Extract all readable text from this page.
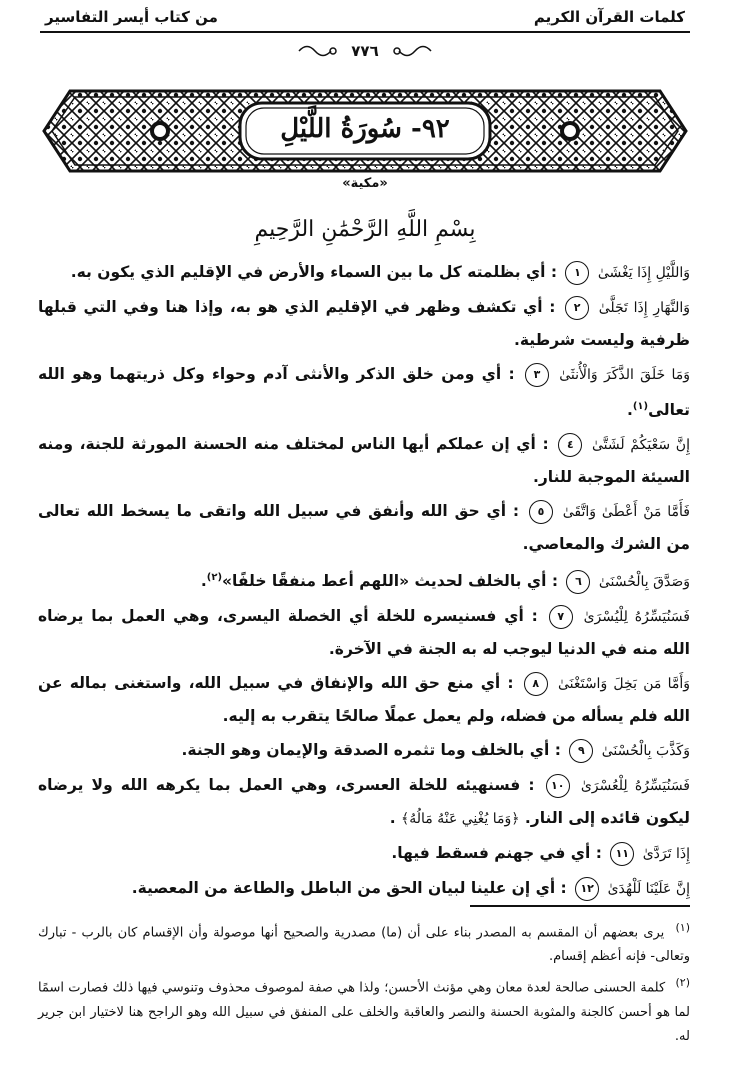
كلمات القرآن الكريم
من كتاب أيسر التفاسير
٧٧٦
٩٢- سُورَةُ اللَّيْلِ
«مكية»
بِسْمِ اللَّهِ الرَّحْمَٰنِ الرَّحِيمِ
وَاللَّيْلِ إِذَا يَغْشَىٰ ١ : أي بظلمته كل ما بين السماء والأرض في الإقليم الذي يكون به.
وَالنَّهَارِ إِذَا تَجَلَّىٰ ٢ : أي تكشف وظهر في الإقليم الذي هو به، وإذا هنا وفي التي قبلها ظرفية وليست شرطية.
وَمَا خَلَقَ الذَّكَرَ وَالْأُنثَىٰ ٣ : أي ومن خلق الذكر والأنثى آدم وحواء وكل ذريتهما وهو الله تعالى$^{(١)}$.
إِنَّ سَعْيَكُمْ لَشَتَّىٰ ٤ : أي إن عملكم أيها الناس لمختلف منه الحسنة المورثة للجنة، ومنه السيئة الموجبة للنار.
فَأَمَّا مَنْ أَعْطَىٰ وَاتَّقَىٰ ٥ : أي حق الله وأنفق في سبيل الله واتقى ما يسخط الله تعالى من الشرك والمعاصي.
وَصَدَّقَ بِالْحُسْنَىٰ ٦ : أي بالخلف لحديث «اللهم أعط منفقًا خلفًا»$^{(٢)}$.
فَسَنُيَسِّرُهُ لِلْيُسْرَىٰ ٧ : أي فسنيسره للخلة أي الخصلة اليسرى، وهي العمل بما يرضاه الله منه في الدنيا ليوجب له به الجنة في الآخرة.
وَأَمَّا مَن بَخِلَ وَاسْتَغْنَىٰ ٨ : أي منع حق الله والإنفاق في سبيل الله، واستغنى بماله عن الله فلم يسأله من فضله، ولم يعمل عملًا صالحًا يتقرب به إليه.
وَكَذَّبَ بِالْحُسْنَىٰ ٩ : أي بالخلف وما تثمره الصدقة والإيمان وهو الجنة.
فَسَنُيَسِّرُهُ لِلْعُسْرَىٰ ١٠ : فسنهيئه للخلة العسرى، وهي العمل بما يكرهه الله ولا يرضاه ليكون قائده إلى النار. ﴿وَمَا يُغْنِي عَنْهُ مَالُهُ﴾ .
إِذَا تَرَدَّىٰ ١١ : أي في جهنم فسقط فيها.
إِنَّ عَلَيْنَا لَلْهُدَىٰ ١٢ : أي إن علينا لبيان الحق من الباطل والطاعة من المعصية.
$^{(١)}$ يرى بعضهم أن المقسم به المصدر بناء على أن (ما) مصدرية والصحيح أنها موصولة وأن الإقسام كان بالرب - تبارك وتعالى- فإنه أعظم إقسام.
$^{(٢)}$ كلمة الحسنى صالحة لعدة معان وهي مؤنث الأحسن؛ ولذا هي صفة لموصوف محذوف وتنوسي فيها ذلك فصارت اسمًا لما هو أحسن كالجنة والمثوبة الحسنة والنصر والعاقبة والخلف على المنفق في سبيل الله وهو الراجح هنا لاختيار ابن جرير له.
